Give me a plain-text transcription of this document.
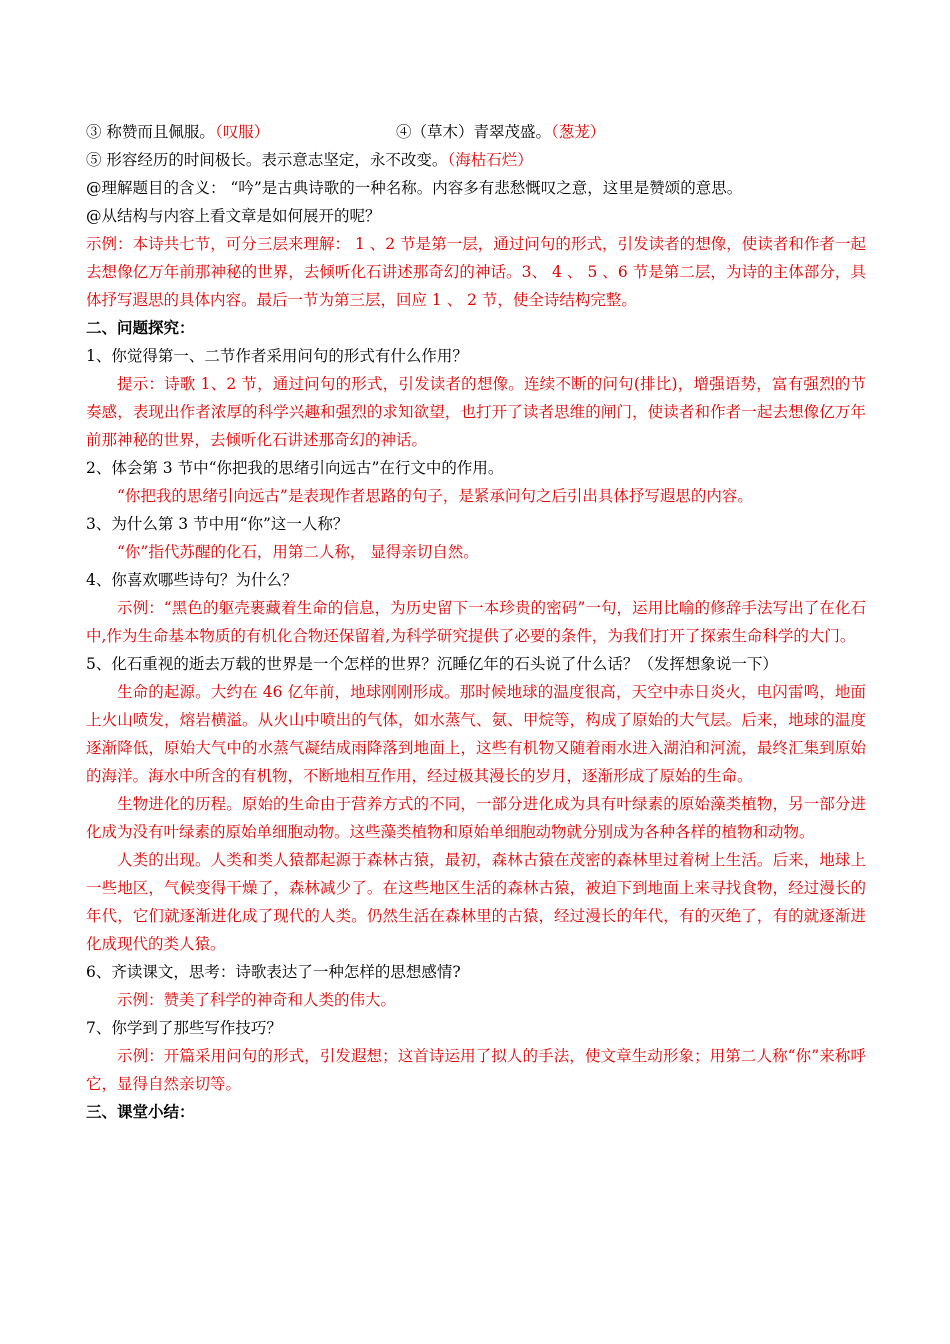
③ 称赞而且佩服。（叹服）	④（草木）青翠茂盛。（葱茏）
⑤ 形容经历的时间极长。表示意志坚定，永不改变。（海枯石烂）
@理解题目的含义： “吟”是古典诗歌的一种名称。内容多有悲愁慨叹之意，这里是赞颂的意思。
@从结构与内容上看文章是如何展开的呢？
示例：本诗共七节，可分三层来理解： 1 、2 节是第一层，通过问句的形式，引发读者的想像，使读者和作者一起去想像亿万年前那神秘的世界，去倾听化石讲述那奇幻的神话。3、 4 、 5 、6 节是第二层，为诗的主体部分，具体抒写遐思的具体内容。最后一节为第三层，回应 1 、 2 节，使全诗结构完整。
二、问题探究：
1、你觉得第一、二节作者采用问句的形式有什么作用？
提示：诗歌 1、2 节，通过问句的形式，引发读者的想像。连续不断的问句(排比)，增强语势，富有强烈的节奏感，表现出作者浓厚的科学兴趣和强烈的求知欲望，也打开了读者思维的闸门，使读者和作者一起去想像亿万年前那神秘的世界，去倾听化石讲述那奇幻的神话。
2、体会第 3 节中“你把我的思绪引向远古”在行文中的作用。
“你把我的思绪引向远古”是表现作者思路的句子，是紧承问句之后引出具体抒写遐思的内容。
3、为什么第 3 节中用“你”这一人称？
“你”指代苏醒的化石，用第二人称， 显得亲切自然。
4、你喜欢哪些诗句？为什么？
示例：“黑色的躯壳裹藏着生命的信息，为历史留下一本珍贵的密码”一句，运用比喻的修辞手法写出了在化石中,作为生命基本物质的有机化合物还保留着,为科学研究提供了必要的条件，为我们打开了探索生命科学的大门。
5、化石重视的逝去万载的世界是一个怎样的世界？沉睡亿年的石头说了什么话？（发挥想象说一下）
生命的起源。大约在 46 亿年前，地球刚刚形成。那时候地球的温度很高，天空中赤日炎火，电闪雷鸣，地面上火山喷发，熔岩横溢。从火山中喷出的气体，如水蒸气、氨、甲烷等，构成了原始的大气层。后来，地球的温度逐渐降低，原始大气中的水蒸气凝结成雨降落到地面上，这些有机物又随着雨水进入湖泊和河流，最终汇集到原始的海洋。海水中所含的有机物，不断地相互作用，经过极其漫长的岁月，逐渐形成了原始的生命。
生物进化的历程。原始的生命由于营养方式的不同，一部分进化成为具有叶绿素的原始藻类植物，另一部分进化成为没有叶绿素的原始单细胞动物。这些藻类植物和原始单细胞动物就分别成为各种各样的植物和动物。
人类的出现。人类和类人猿都起源于森林古猿，最初，森林古猿在茂密的森林里过着树上生活。后来，地球上一些地区，气候变得干燥了，森林减少了。在这些地区生活的森林古猿，被迫下到地面上来寻找食物，经过漫长的年代，它们就逐渐进化成了现代的人类。仍然生活在森林里的古猿，经过漫长的年代，有的灭绝了，有的就逐渐进化成现代的类人猿。
6、齐读课文，思考：诗歌表达了一种怎样的思想感情?
示例：赞美了科学的神奇和人类的伟大。
7、你学到了那些写作技巧？
示例：开篇采用问句的形式，引发遐想；这首诗运用了拟人的手法，使文章生动形象；用第二人称“你”来称呼它，显得自然亲切等。
三、课堂小结：
